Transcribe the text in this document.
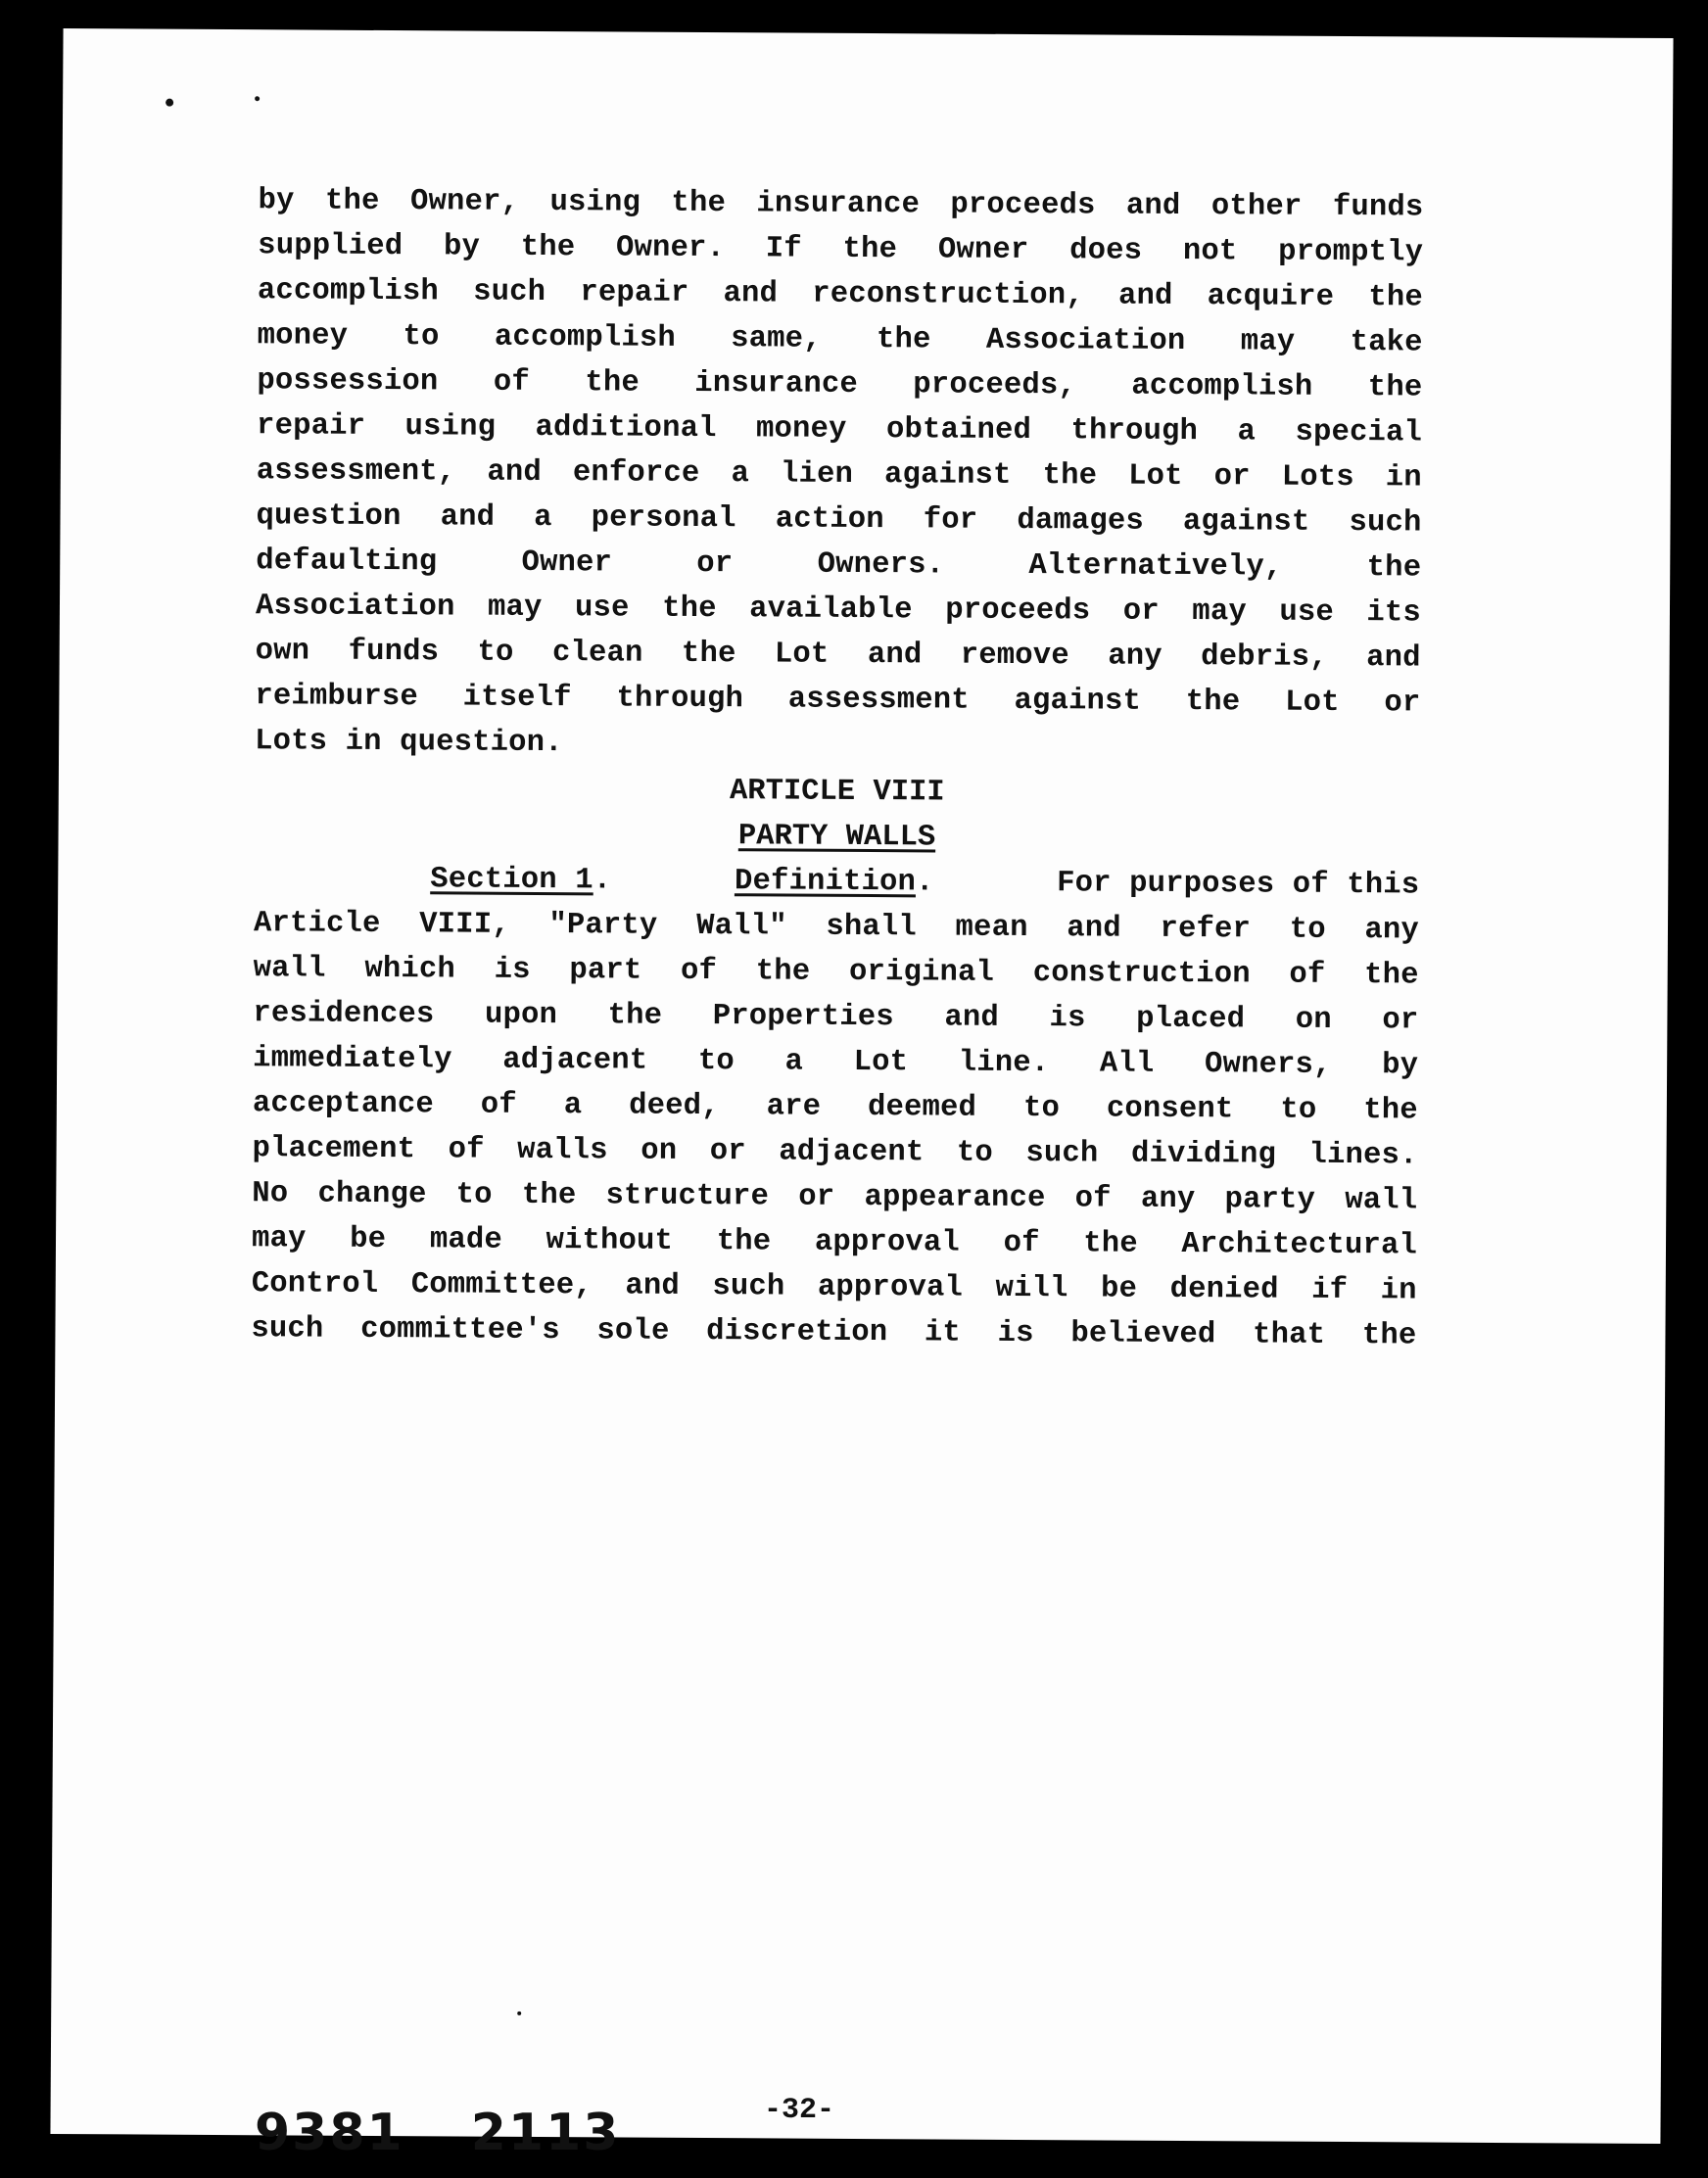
by the Owner, using the insurance proceeds and other funds
supplied by the Owner. If the Owner does not promptly
accomplish such repair and reconstruction, and acquire the
money to accomplish same, the Association may take
possession of the insurance proceeds, accomplish the
repair using additional money obtained through a special
assessment, and enforce a lien against the Lot or Lots in
question and a personal action for damages against such
defaulting Owner or Owners. Alternatively, the
Association may use the available proceeds or may use its
own funds to clean the Lot and remove any debris, and
reimburse itself through assessment against the Lot or
Lots in question.
ARTICLE VIII
PARTY WALLS
Section 1.	Definition.	For purposes of this
Article VIII, "Party Wall" shall mean and refer to any
wall which is part of the original construction of the
residences upon the Properties and is placed on or
immediately adjacent to a Lot line. All Owners, by
acceptance of a deed, are deemed to consent to the
placement of walls on or adjacent to such dividing lines.
No change to the structure or appearance of any party wall
may be made without the approval of the Architectural
Control Committee, and such approval will be denied if in
such committee's sole discretion it is believed that the
9381 2113	-32-
